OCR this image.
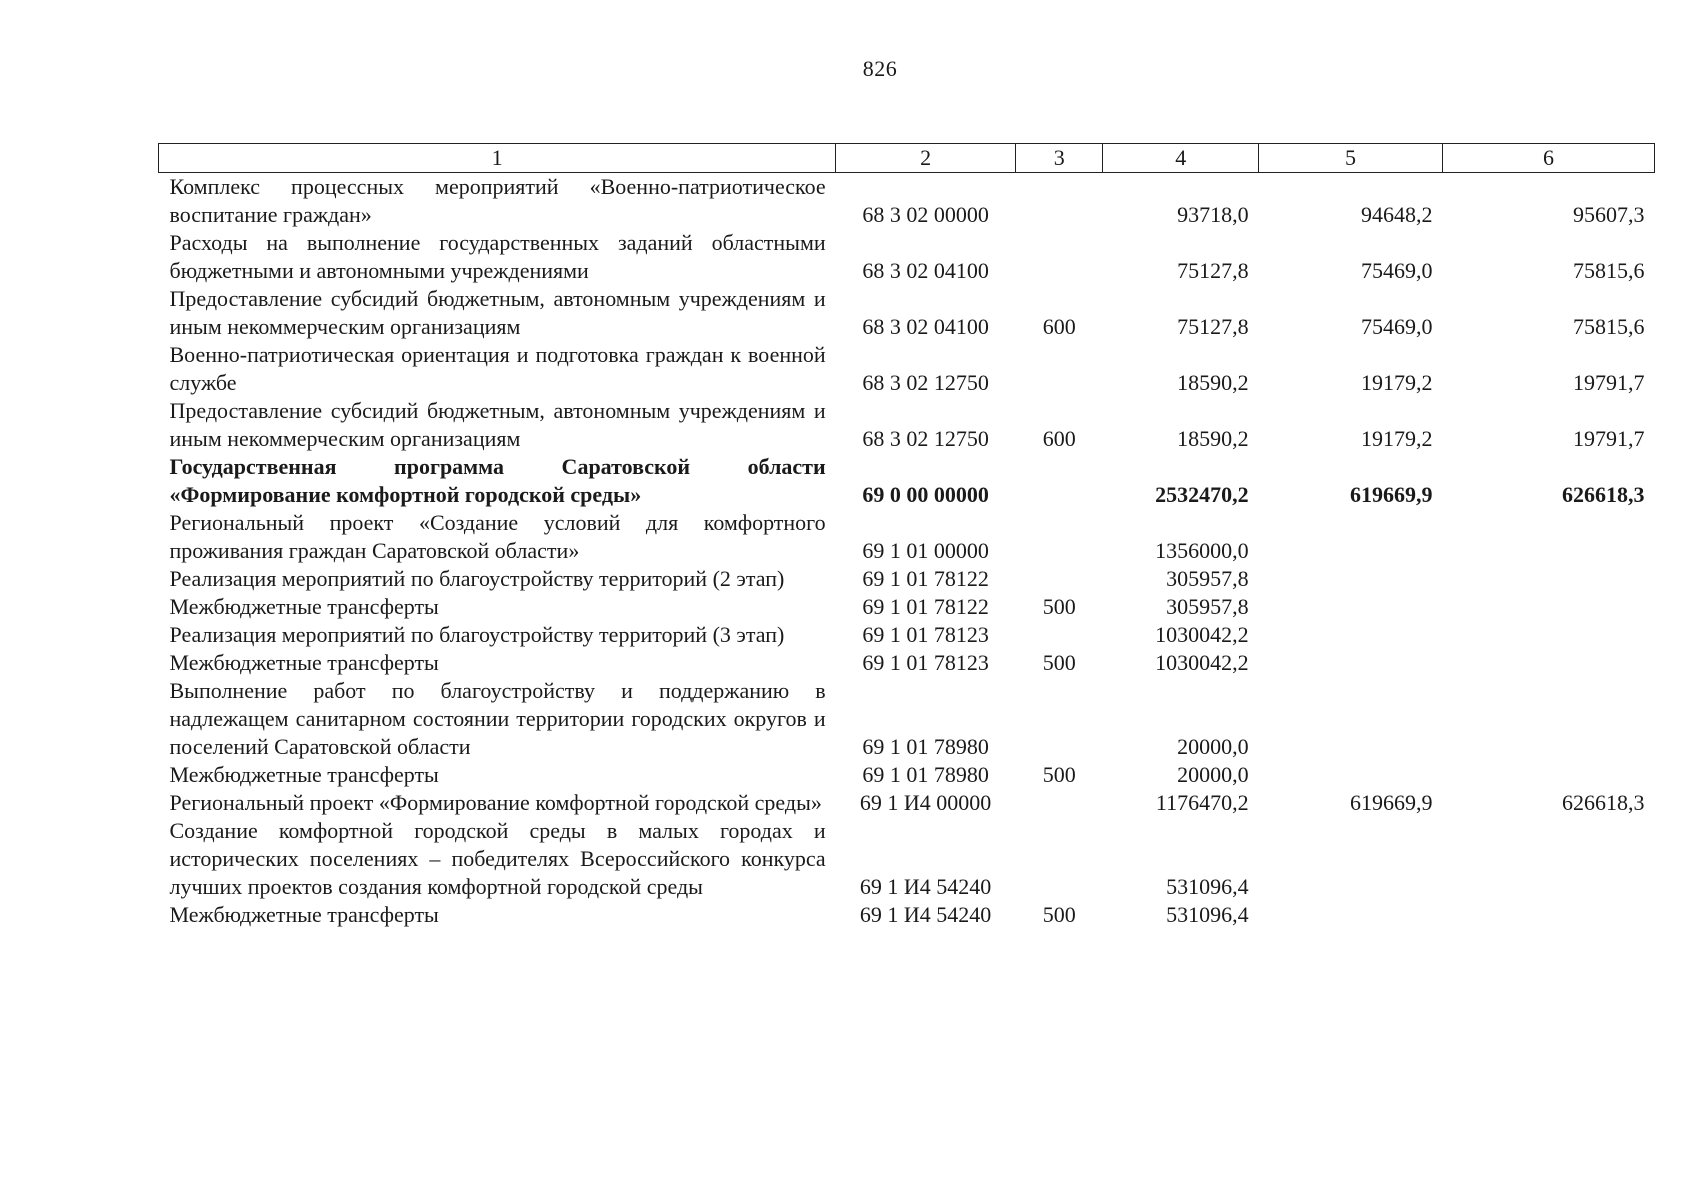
826
1	2	3	4	5	6
Комплекс процессных мероприятий «Военно-патриотическое воспитание граждан»	68 3 02 00000		93718,0	94648,2	95607,3
Расходы на выполнение государственных заданий областными бюджетными и автономными учреждениями	68 3 02 04100		75127,8	75469,0	75815,6
Предоставление субсидий бюджетным, автономным учреждениям и иным некоммерческим организациям	68 3 02 04100	600	75127,8	75469,0	75815,6
Военно-патриотическая ориентация и подготовка граждан к военной службе	68 3 02 12750		18590,2	19179,2	19791,7
Предоставление субсидий бюджетным, автономным учреждениям и иным некоммерческим организациям	68 3 02 12750	600	18590,2	19179,2	19791,7
Государственная программа Саратовской области «Формирование комфортной городской среды»	69 0 00 00000		2532470,2	619669,9	626618,3
Региональный проект «Создание условий для комфортного проживания граждан Саратовской области»	69 1 01 00000		1356000,0		
Реализация мероприятий по благоустройству территорий (2 этап)	69 1 01 78122		305957,8		
Межбюджетные трансферты	69 1 01 78122	500	305957,8		
Реализация мероприятий по благоустройству территорий (3 этап)	69 1 01 78123		1030042,2		
Межбюджетные трансферты	69 1 01 78123	500	1030042,2		
Выполнение работ по благоустройству и поддержанию в надлежащем санитарном состоянии территории городских округов и поселений Саратовской области	69 1 01 78980		20000,0		
Межбюджетные трансферты	69 1 01 78980	500	20000,0		
Региональный проект «Формирование комфортной городской среды»	69 1 И4 00000		1176470,2	619669,9	626618,3
Создание комфортной городской среды в малых городах и исторических поселениях – победителях Всероссийского конкурса лучших проектов создания комфортной городской среды	69 1 И4 54240		531096,4		
Межбюджетные трансферты	69 1 И4 54240	500	531096,4		
